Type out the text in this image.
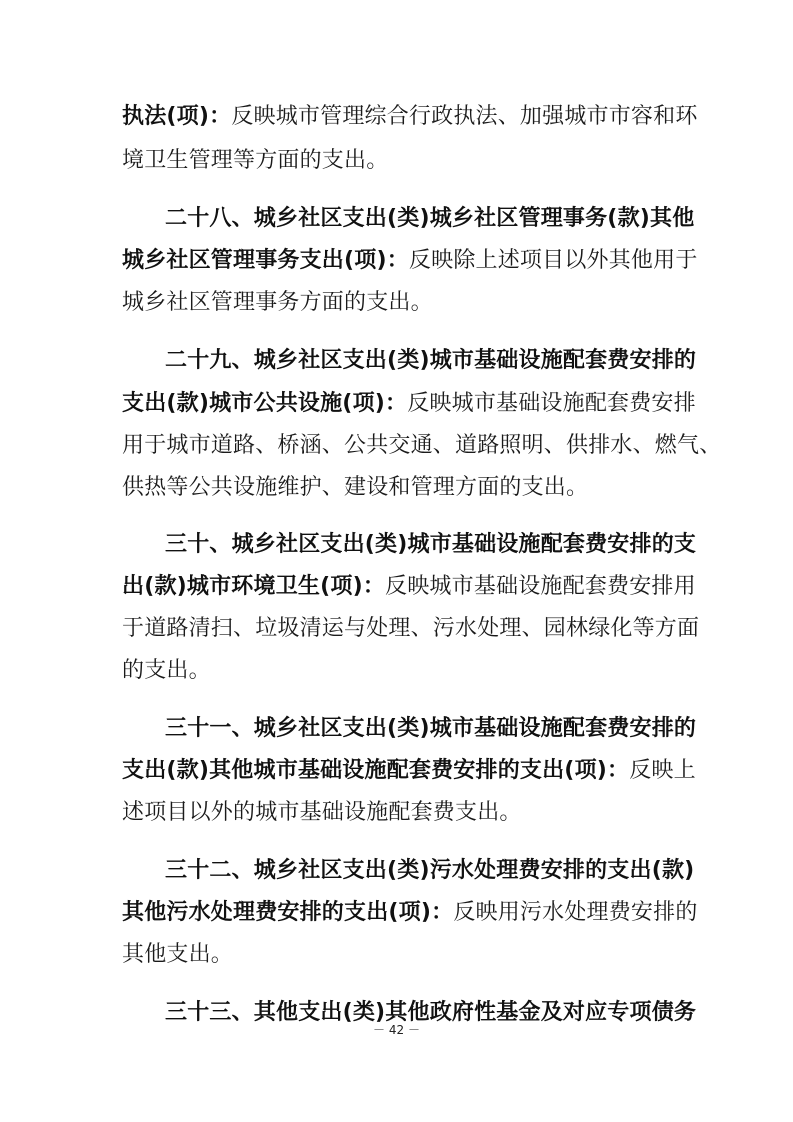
执法(项)：反映城市管理综合行政执法、加强城市市容和环
境卫生管理等方面的支出。
二十八、城乡社区支出(类)城乡社区管理事务(款)其他
城乡社区管理事务支出(项)：反映除上述项目以外其他用于
城乡社区管理事务方面的支出。
二十九、城乡社区支出(类)城市基础设施配套费安排的
支出(款)城市公共设施(项)：反映城市基础设施配套费安排
用于城市道路、桥涵、公共交通、道路照明、供排水、燃气、
供热等公共设施维护、建设和管理方面的支出。
三十、城乡社区支出(类)城市基础设施配套费安排的支
出(款)城市环境卫生(项)：反映城市基础设施配套费安排用
于道路清扫、垃圾清运与处理、污水处理、园林绿化等方面
的支出。
三十一、城乡社区支出(类)城市基础设施配套费安排的
支出(款)其他城市基础设施配套费安排的支出(项)：反映上
述项目以外的城市基础设施配套费支出。
三十二、城乡社区支出(类)污水处理费安排的支出(款)
其他污水处理费安排的支出(项)：反映用污水处理费安排的
其他支出。
三十三、其他支出(类)其他政府性基金及对应专项债务
－ 42 －
